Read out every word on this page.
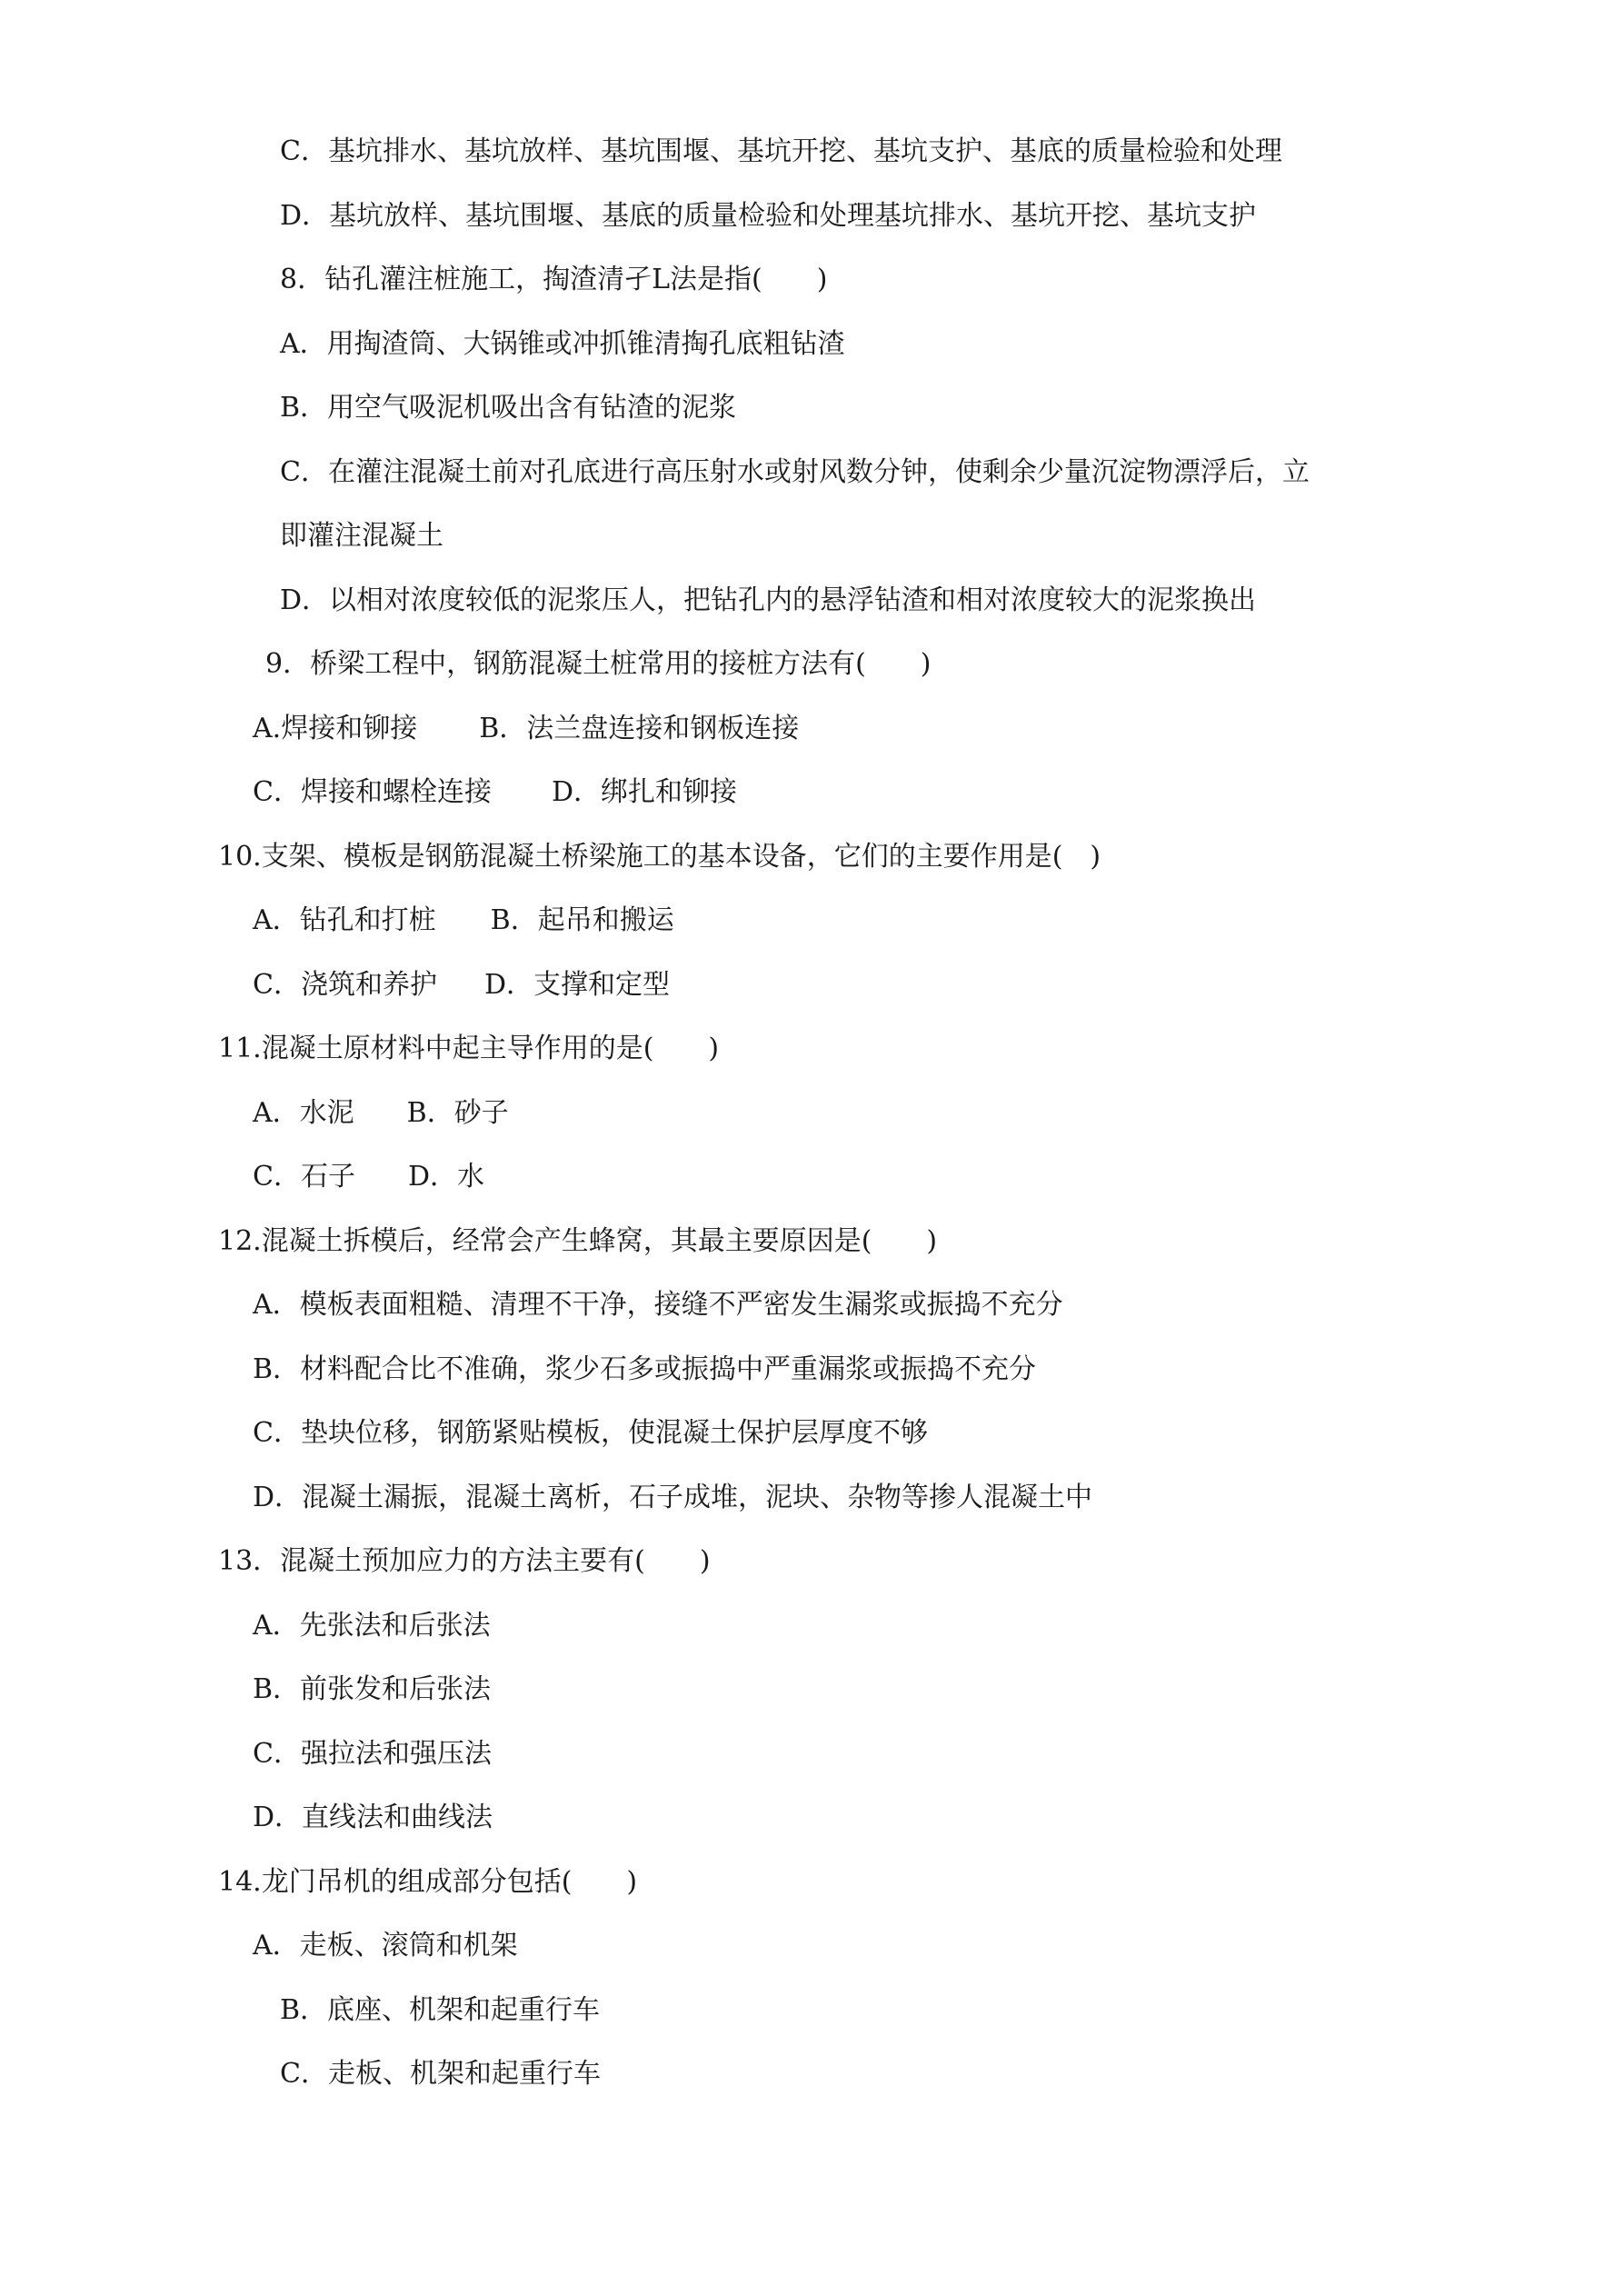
C．基坑排水、基坑放样、基坑围堰、基坑开挖、基坑支护、基底的质量检验和处理
D．基坑放样、基坑围堰、基底的质量检验和处理基坑排水、基坑开挖、基坑支护
8．钻孔灌注桩施工，掏渣清孑L法是指(　　)
A．用掏渣筒、大锅锥或冲抓锥清掏孔底粗钻渣
B．用空气吸泥机吸出含有钻渣的泥浆
C．在灌注混凝土前对孔底进行高压射水或射风数分钟，使剩余少量沉淀物漂浮后，立
即灌注混凝土
D．以相对浓度较低的泥浆压人，把钻孔内的悬浮钻渣和相对浓度较大的泥浆换出
9．桥梁工程中，钢筋混凝土桩常用的接桩方法有(　　)
A.焊接和铆接 B．法兰盘连接和钢板连接
C．焊接和螺栓连接 D．绑扎和铆接
10.支架、模板是钢筋混凝土桥梁施工的基本设备，它们的主要作用是(　)
A．钻孔和打桩 B．起吊和搬运
C．浇筑和养护 D．支撑和定型
11.混凝土原材料中起主导作用的是(　　)
A．水泥 B．砂子
C．石子 D．水
12.混凝土拆模后，经常会产生蜂窝，其最主要原因是(　　)
A．模板表面粗糙、清理不干净，接缝不严密发生漏浆或振捣不充分
B．材料配合比不准确，浆少石多或振捣中严重漏浆或振捣不充分
C．垫块位移，钢筋紧贴模板，使混凝土保护层厚度不够
D．混凝土漏振，混凝土离析，石子成堆，泥块、杂物等掺人混凝土中
13．混凝土预加应力的方法主要有(　　)
A．先张法和后张法
B．前张发和后张法
C．强拉法和强压法
D．直线法和曲线法
14.龙门吊机的组成部分包括(　　)
A．走板、滚筒和机架
B．底座、机架和起重行车
C．走板、机架和起重行车
